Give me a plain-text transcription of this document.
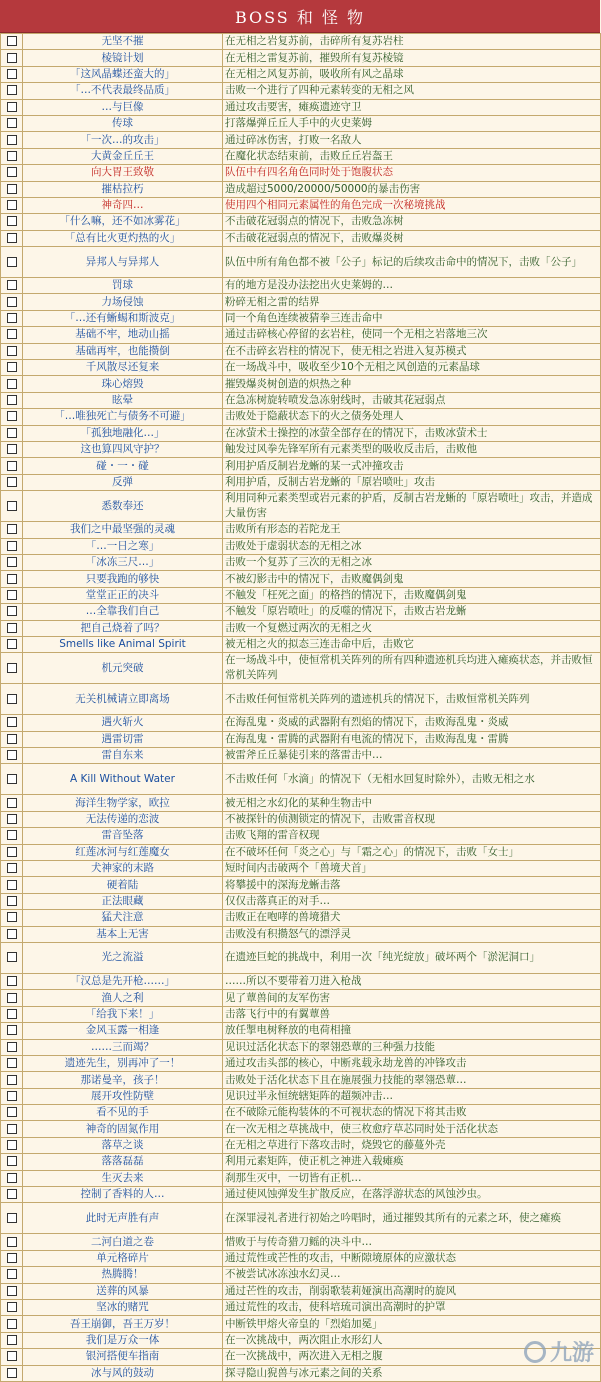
BOSS 和 怪 物
	无坚不摧	在无相之岩复苏前，击碎所有复苏岩柱
	棱镜计划	在无相之雷复苏前，摧毁所有复苏棱镜
	「这风晶蝶还蛮大的」	在无相之风复苏前，吸收所有风之晶球
	「…不代表最终品质」	击败一个进行了四种元素转变的无相之风
	…与巨像	通过攻击要害，瘫痪遗迹守卫
	传球	打落爆弹丘丘人手中的火史莱姆
	「一次…的攻击」	通过碎冰伤害，打败一名敌人
	大黄金丘丘王	在魔化状态结束前，击败丘丘岩盔王
	向大胃王致敬	队伍中有四名角色同时处于饱腹状态
	摧枯拉朽	造成超过5000/20000/50000的暴击伤害
	神奇四…	使用四个相同元素属性的角色完成一次秘境挑战
	「什么嘛，还不如冰雾花」	不击破花冠弱点的情况下，击败急冻树
	「总有比火更灼热的火」	不击破花冠弱点的情况下，击败爆炎树
	异邦人与异邦人	队伍中所有角色都不被「公子」标记的后续攻击命中的情况下，击败「公子」
	罚球	有的地方是没办法挖出火史莱姆的…
	力场侵蚀	粉碎无相之雷的结界
	「…还有蜥蜴和斯波克」	同一个角色连续被猜拳三连击命中
	基础不牢，地动山摇	通过击碎核心停留的玄岩柱，使同一个无相之岩落地三次
	基础再牢，也能攒倒	在不击碎玄岩柱的情况下，使无相之岩进入复苏模式
	千风散尽还复来	在一场战斗中，吸收至少10个无相之风创造的元素晶球
	珠心熔毁	摧毁爆炎树创造的炽热之种
	眩晕	在急冻树旋转喷发急冻射线时，击破其花冠弱点
	「…唯独死亡与债务不可避」	击败处于隐蔽状态下的火之债务处理人
	「孤独地融化…」	在冰萤术士操控的冰萤全部存在的情况下，击败冰萤术士
	这也算四风守护？	触发过风拳先锋军所有元素类型的吸收反击后，击败他
	碰・一・碰	利用护盾反制岩龙蜥的某一式冲撞攻击
	反弹	利用护盾，反制古岩龙蜥的「原岩喷吐」攻击
	悉数奉还	利用同种元素类型或岩元素的护盾，反制古岩龙蜥的「原岩喷吐」攻击，并造成大量伤害
	我们之中最坚强的灵魂	击败所有形态的若陀龙王
	「…一日之寒」	击败处于虚弱状态的无相之冰
	「冰冻三尺…」	击败一个复苏了三次的无相之冰
	只要我跑的够快	不被幻影击中的情况下，击败魔偶剑鬼
	堂堂正正的决斗	不触发「枉死之面」的格挡的情况下，击败魔偶剑鬼
	…全靠我们自己	不触发「原岩喷吐」的反噬的情况下，击败古岩龙蜥
	把自己烧着了吗？	击败一个复燃过两次的无相之火
	Smells like Animal Spirit	被无相之火的拟态三连击命中后，击败它
	机元突破	在一场战斗中，使恒常机关阵列的所有四种遗迹机兵均进入瘫痪状态，并击败恒常机关阵列
	无关机械请立即离场	不击败任何恒常机关阵列的遗迹机兵的情况下，击败恒常机关阵列
	遇火斩火	在海乱鬼・炎威的武器附有烈焰的情况下，击败海乱鬼・炎威
	遇雷切雷	在海乱鬼・雷腾的武器附有电流的情况下，击败海乱鬼・雷腾
	雷自东来	被雷斧丘丘暴徒引来的落雷击中…
	A Kill Without Water	不击败任何「水滴」的情况下（无相水回复时除外），击败无相之水
	海洋生物学家，欧拉	被无相之水幻化的某种生物击中
	无法传递的恋波	不被探针的侦测锁定的情况下，击败雷音权现
	雷音坠落	击败飞翔的雷音权现
	红莲冰河与红莲魔女	在不破坏任何「炎之心」与「霜之心」的情况下，击败「女士」
	犬神家的末路	短时间内击破两个「兽境犬首」
	硬着陆	将攀援中的深海龙蜥击落
	正法眼藏	仅仅击落真正的对手…
	猛犬注意	击败正在咆哮的兽境猎犬
	基本上无害	击败没有积攒怒气的漂浮灵
	光之流溢	在遗迹巨蛇的挑战中，利用一次「纯光绽放」破坏两个「淤泥洞口」
	「汉总是先开枪……」	……所以不要带着刀进入枪战
	渔人之利	见了蕈兽间的友军伤害
	「给我下来！」	击落飞行中的有翼蕈兽
	金风玉露一相逢	放任掣电树释放的电荷相撞
	……三而竭？	见识过活化状态下的翠翎恐蕈的三种强力技能
	遗迹先生，别再冲了一！	通过攻击头部的核心，中断兆载永劫龙兽的冲锋攻击
	那诺曼辛，孩子！	击败处于活化状态下且在施展强力技能的翠翎恐蕈…
	展开攻性防壁	见识过半永恒统辖矩阵的超频冲击…
	看不见的手	在不破除元能构装体的不可视状态的情况下将其击败
	神奇的固氮作用	在一次无相之草挑战中，使三枚愈疗草芯同时处于活化状态
	落草之谈	在无相之草进行下落攻击时，烧毁它的藤蔓外壳
	落落磊磊	利用元素矩阵，使正机之神进入载瘫痪
	生灭去来	刹那生灭中，一切皆有正机…
	控制了香料的人…	通过使风蚀弹发生扩散反应，在落浮游状态的风蚀沙虫。
	此时无声胜有声	在深罪浸礼者进行初始之吟唱时，通过摧毁其所有的元素之环，使之瘫痪
	二河白道之卷	惜败于与传奇猎刀鳐的决斗中…
	单元格碎片	通过荒性或芒性的攻击，中断隙境原体的应激状态
	热腾腾！	不被尝试冰冻浊水幻灵…
	送葬的风暴	通过芒性的攻击，削弱歌装莉娅演出高潮时的旋风
	坚冰的赌咒	通过荒性的攻击，使科培琉司演出高潮时的护罩
	吾王崩御，吾王万岁！	中断铁甲熔火帝皇的「烈焰加冕」
	我们是万众一体	在一次挑战中，两次阻止水形幻人
	银河搭便车指南	在一次挑战中，两次进入无相之腹
	冰与风的鼓动	探寻隐山猊兽与冰元素之间的关系
九游
